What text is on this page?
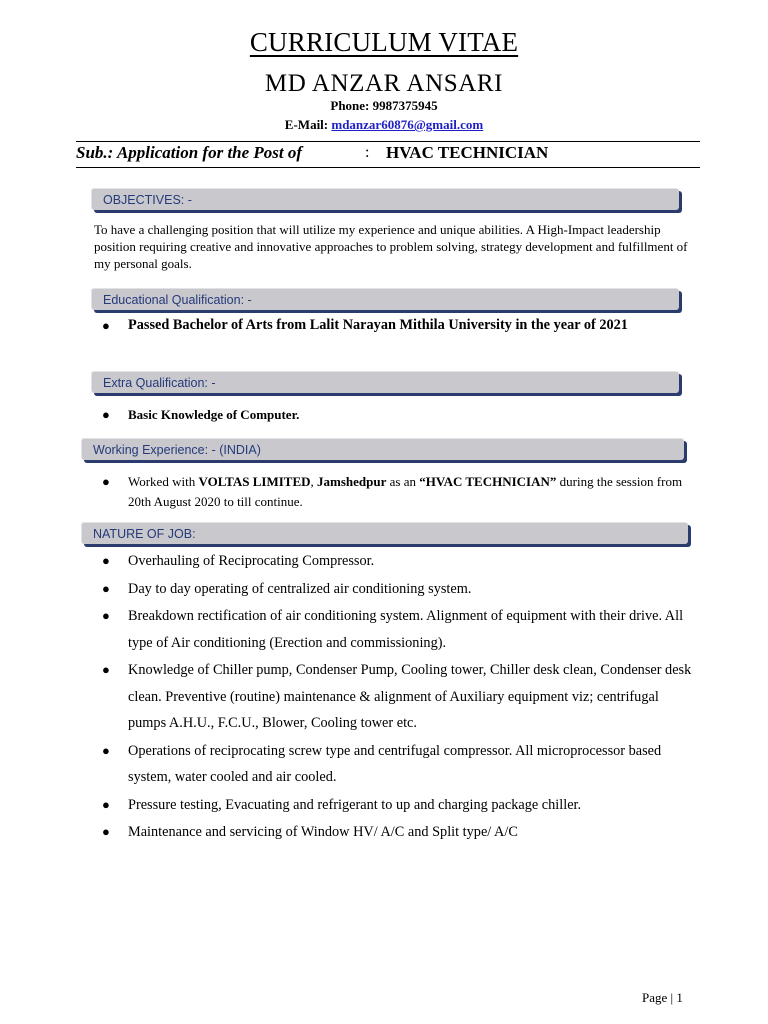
CURRICULUM VITAE
MD ANZAR ANSARI
Phone: 9987375945
E-Mail: mdanzar60876@gmail.com
Sub.: Application for the Post of	: HVAC TECHNICIAN
OBJECTIVES: -
To have a challenging position that will utilize my experience and unique abilities. A High-Impact leadership position requiring creative and innovative approaches to problem solving, strategy development and fulfillment of my personal goals.
Educational Qualification: -
● Passed Bachelor of Arts from Lalit Narayan Mithila University in the year of 2021
Extra Qualification: -
● Basic Knowledge of Computer.
Working Experience: - (INDIA)
● Worked with VOLTAS LIMITED, Jamshedpur as an “HVAC TECHNICIAN” during the session from 20th August 2020 to till continue.
NATURE OF JOB:
● Overhauling of Reciprocating Compressor.
● Day to day operating of centralized air conditioning system.
● Breakdown rectification of air conditioning system. Alignment of equipment with their drive. All type of Air conditioning (Erection and commissioning).
● Knowledge of Chiller pump, Condenser Pump, Cooling tower, Chiller desk clean, Condenser desk clean. Preventive (routine) maintenance & alignment of Auxiliary equipment viz; centrifugal pumps A.H.U., F.C.U., Blower, Cooling tower etc.
● Operations of reciprocating screw type and centrifugal compressor. All microprocessor based system, water cooled and air cooled.
● Pressure testing, Evacuating and refrigerant to up and charging package chiller.
● Maintenance and servicing of Window HV/ A/C and Split type/ A/C
Page | 1
